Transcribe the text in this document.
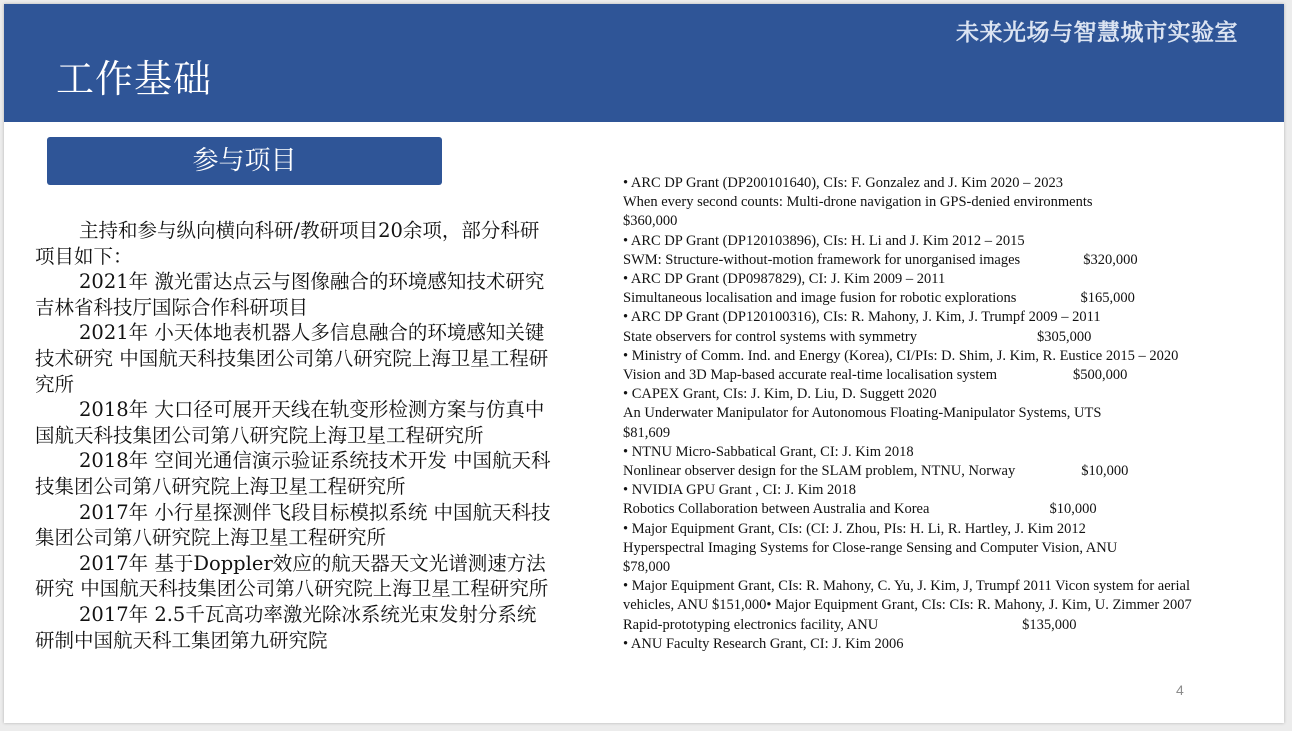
工作基础
未来光场与智慧城市实验室
参与项目

主持和参与纵向横向科研/教研项目20余项，部分科研项目如下：

2021年 激光雷达点云与图像融合的环境感知技术研究 吉林省科技厅国际合作科研项目

2021年 小天体地表机器人多信息融合的环境感知关键技术研究 中国航天科技集团公司第八研究院上海卫星工程研究所

2018年 大口径可展开天线在轨变形检测方案与仿真中国航天科技集团公司第八研究院上海卫星工程研究所

2018年 空间光通信演示验证系统技术开发 中国航天科技集团公司第八研究院上海卫星工程研究所

2017年 小行星探测伴飞段目标模拟系统 中国航天科技集团公司第八研究院上海卫星工程研究所

2017年 基于Doppler效应的航天器天文光谱测速方法研究 中国航天科技集团公司第八研究院上海卫星工程研究所

2017年 2.5千瓦高功率激光除冰系统光束发射分系统研制中国航天科工集团第九研究院

• ARC DP Grant (DP200101640), CIs: F. Gonzalez and J. Kim 2020 – 2023
When every second counts: Multi-drone navigation in GPS-denied environments
$360,000
• ARC DP Grant (DP120103896), CIs: H. Li and J. Kim 2012 – 2015
SWM: Structure-without-motion framework for unorganised images	$320,000
• ARC DP Grant (DP0987829), CI: J. Kim 2009 – 2011
Simultaneous localisation and image fusion for robotic explorations	$165,000
• ARC DP Grant (DP120100316), CIs: R. Mahony, J. Kim, J. Trumpf 2009 – 2011
State observers for control systems with symmetry	$305,000
• Ministry of Comm. Ind. and Energy (Korea), CI/PIs: D. Shim, J. Kim, R. Eustice 2015 – 2020
Vision and 3D Map-based accurate real-time localisation system	$500,000
• CAPEX Grant, CIs: J. Kim, D. Liu, D. Suggett 2020
An Underwater Manipulator for Autonomous Floating-Manipulator Systems, UTS
$81,609
• NTNU Micro-Sabbatical Grant, CI: J. Kim 2018
Nonlinear observer design for the SLAM problem, NTNU, Norway	$10,000
• NVIDIA GPU Grant , CI: J. Kim 2018
Robotics Collaboration between Australia and Korea	$10,000
• Major Equipment Grant, CIs: (CI: J. Zhou, PIs: H. Li, R. Hartley, J. Kim 2012
Hyperspectral Imaging Systems for Close-range Sensing and Computer Vision, ANU
$78,000
• Major Equipment Grant, CIs: R. Mahony, C. Yu, J. Kim, J, Trumpf 2011 Vicon system for aerial vehicles, ANU $151,000• Major Equipment Grant, CIs: CIs: R. Mahony, J. Kim, U. Zimmer 2007
Rapid-prototyping electronics facility, ANU	$135,000
• ANU Faculty Research Grant, CI: J. Kim 2006
4
